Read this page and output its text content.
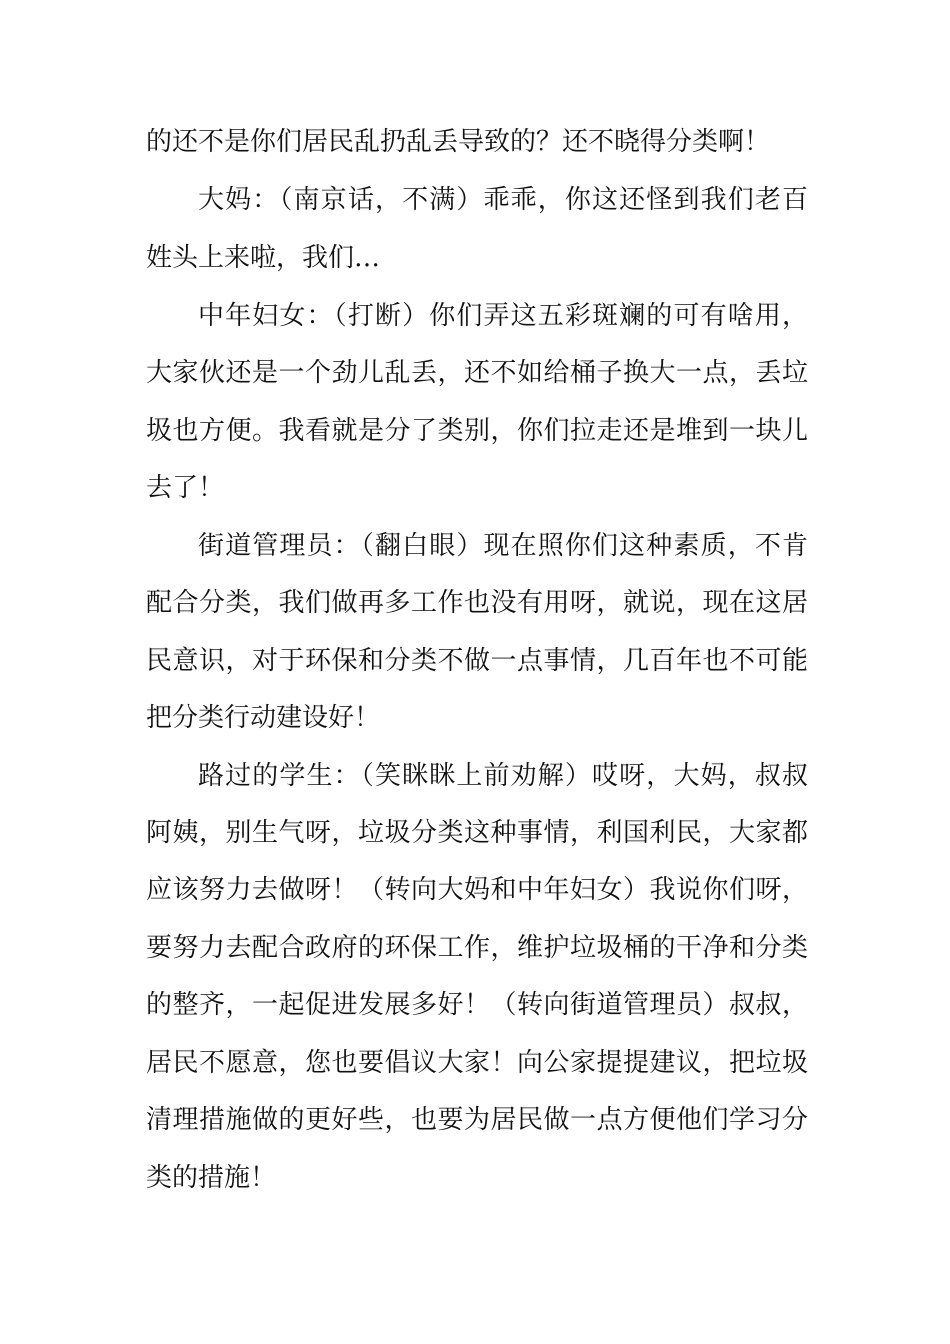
的还不是你们居民乱扔乱丢导致的？还不晓得分类啊！
大妈：（南京话，不满）乖乖，你这还怪到我们老百
姓头上来啦，我们…
中年妇女：（打断）你们弄这五彩斑斓的可有啥用，
大家伙还是一个劲儿乱丢，还不如给桶子换大一点，丢垃
圾也方便。我看就是分了类别，你们拉走还是堆到一块儿
去了！
街道管理员：（翻白眼）现在照你们这种素质，不肯
配合分类，我们做再多工作也没有用呀，就说，现在这居
民意识，对于环保和分类不做一点事情，几百年也不可能
把分类行动建设好！
路过的学生：（笑眯眯上前劝解）哎呀，大妈，叔叔
阿姨，别生气呀，垃圾分类这种事情，利国利民，大家都
应该努力去做呀！（转向大妈和中年妇女）我说你们呀，
要努力去配合政府的环保工作，维护垃圾桶的干净和分类
的整齐，一起促进发展多好！（转向街道管理员）叔叔，
居民不愿意，您也要倡议大家！向公家提提建议，把垃圾
清理措施做的更好些，也要为居民做一点方便他们学习分
类的措施！
